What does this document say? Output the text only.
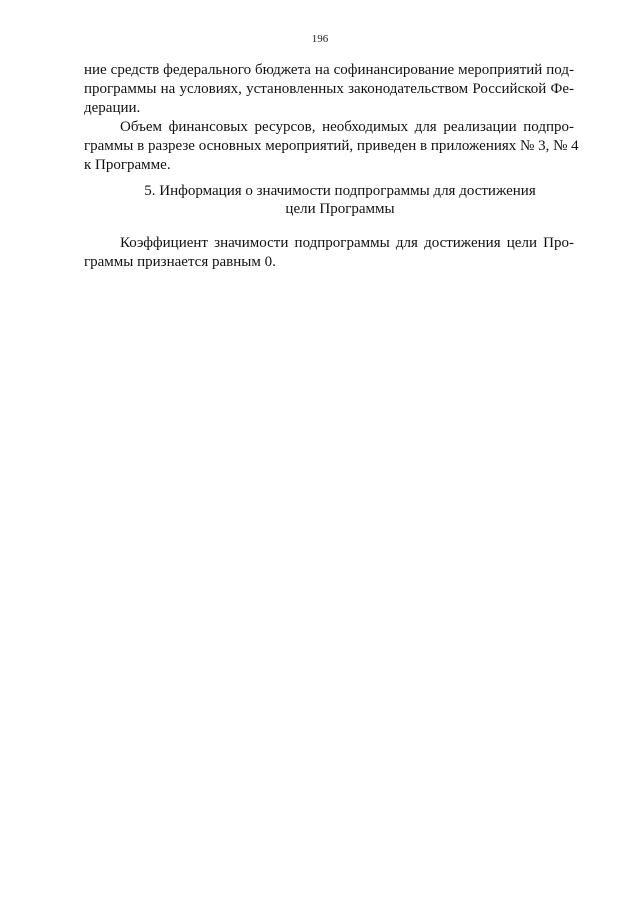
196
ние средств федерального бюджета на софинансирование мероприятий под-
программы на условиях, установленных законодательством Российской Фе-
дерации.
Объем финансовых ресурсов, необходимых для реализации подпро-
граммы в разрезе основных мероприятий, приведен в приложениях № 3, № 4
к Программе.
5. Информация о значимости подпрограммы для достижения
цели Программы
Коэффициент значимости подпрограммы для достижения цели Про-
граммы признается равным 0.
